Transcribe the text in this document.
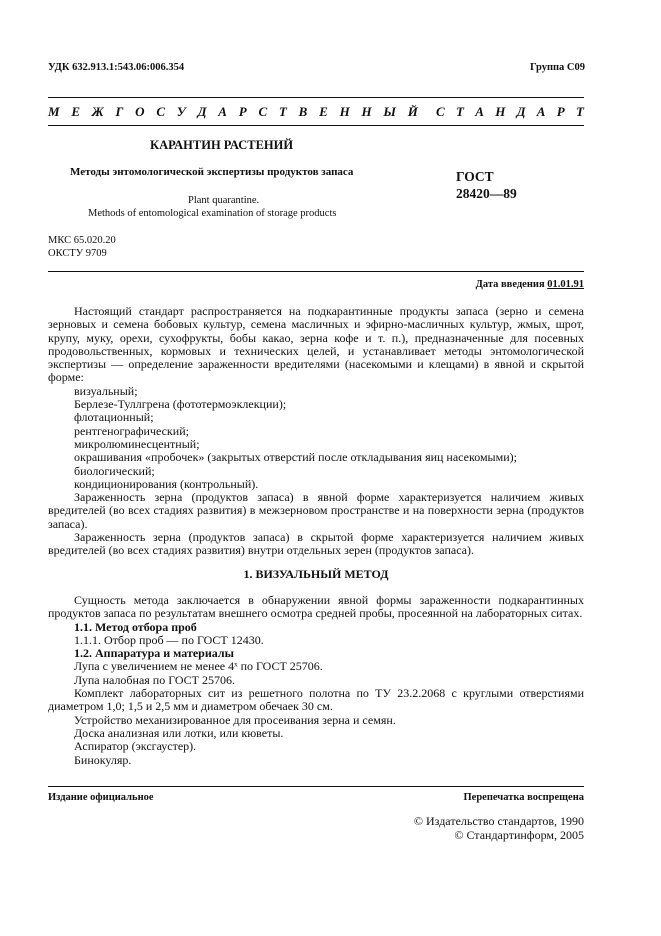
УДК 632.913.1:543.06:006.354	Группа С09
М Е Ж Г О С У Д А Р С Т В Е Н Н Ы Й С Т А Н Д А Р Т
КАРАНТИН РАСТЕНИЙ
Методы энтомологической экспертизы продуктов запаса	ГОСТ
28420—89
Plant quarantine.
Methods of entomological examination of storage products
МКС 65.020.20
ОКСТУ 9709
Дата введения 01.01.91

Настоящий стандарт распространяется на подкарантинные продукты запаса (зерно и семена зерновых и семена бобовых культур, семена масличных и эфирно-масличных культур, жмых, шрот, крупу, муку, орехи, сухофрукты, бобы какао, зерна кофе и т. п.), предназначенные для посевных продовольственных, кормовых и технических целей, и устанавливает методы энтомологической экспертизы — определение зараженности вредителями (насекомыми и клещами) в явной и скрытой форме:

визуальный;

Берлезе-Туллгрена (фототермоэклекции);

флотационный;

рентгенографический;

микролюминесцентный;

окрашивания «пробочек» (закрытых отверстий после откладывания яиц насекомыми);

биологический;

кондиционирования (контрольный).

Зараженность зерна (продуктов запаса) в явной форме характеризуется наличием живых вредителей (во всех стадиях развития) в межзерновом пространстве и на поверхности зерна (продуктов запаса).

Зараженность зерна (продуктов запаса) в скрытой форме характеризуется наличием живых вредителей (во всех стадиях развития) внутри отдельных зерен (продуктов запаса).

1. ВИЗУАЛЬНЫЙ МЕТОД

Сущность метода заключается в обнаружении явной формы зараженности подкарантинных продуктов запаса по результатам внешнего осмотра средней пробы, просеянной на лабораторных ситах.

1.1. Метод отбора проб

1.1.1. Отбор проб — по ГОСТ 12430.

1.2. Аппаратура и материалы

Лупа с увеличением не менее 4ˣ по ГОСТ 25706.

Лупа налобная по ГОСТ 25706.

Комплект лабораторных сит из решетного полотна по ТУ 23.2.2068 с круглыми отверстиями диаметром 1,0; 1,5 и 2,5 мм и диаметром обечаек 30 см.

Устройство механизированное для просеивания зерна и семян.

Доска анализная или лотки, или кюветы.

Аспиратор (эксгаустер).

Бинокуляр.

Издание официальное	Перепечатка воспрещена
© Издательство стандартов, 1990
© Стандартинформ, 2005
